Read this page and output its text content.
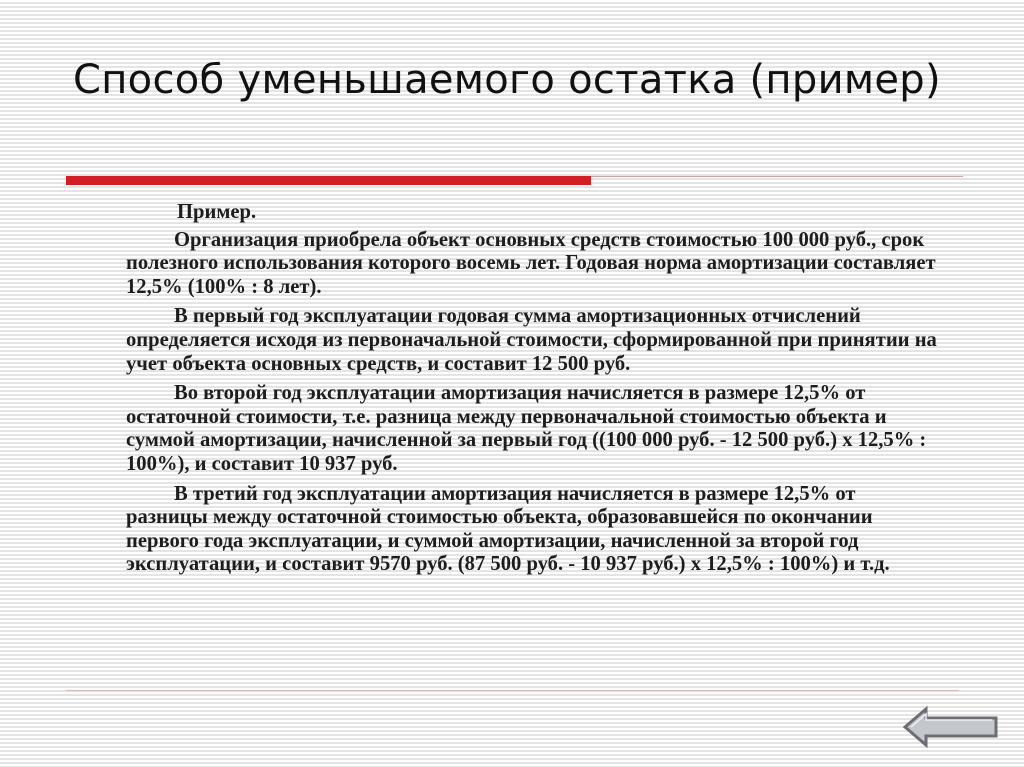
Способ уменьшаемого остатка (пример)

Пример.

Организация приобрела объект основных средств стоимостью 100 000 руб., срок полезного использования которого восемь лет. Годовая норма амортизации составляет 12,5% (100% : 8 лет).

В первый год эксплуатации годовая сумма амортизационных отчислений определяется исходя из первоначальной стоимости, сформированной при принятии на учет объекта основных средств, и составит 12 500 руб.

Во второй год эксплуатации амортизация начисляется в размере 12,5% от остаточной стоимости, т.е. разница между первоначальной стоимостью объекта и суммой амортизации, начисленной за первый год ((100 000 руб. - 12 500 руб.) х 12,5% : 100%), и составит 10 937 руб.

В третий год эксплуатации амортизация начисляется в размере 12,5% от разницы между остаточной стоимостью объекта, образовавшейся по окончании первого года эксплуатации, и суммой амортизации, начисленной за второй год эксплуатации, и составит 9570 руб. (87 500 руб. - 10 937 руб.) х 12,5% : 100%) и т.д.
